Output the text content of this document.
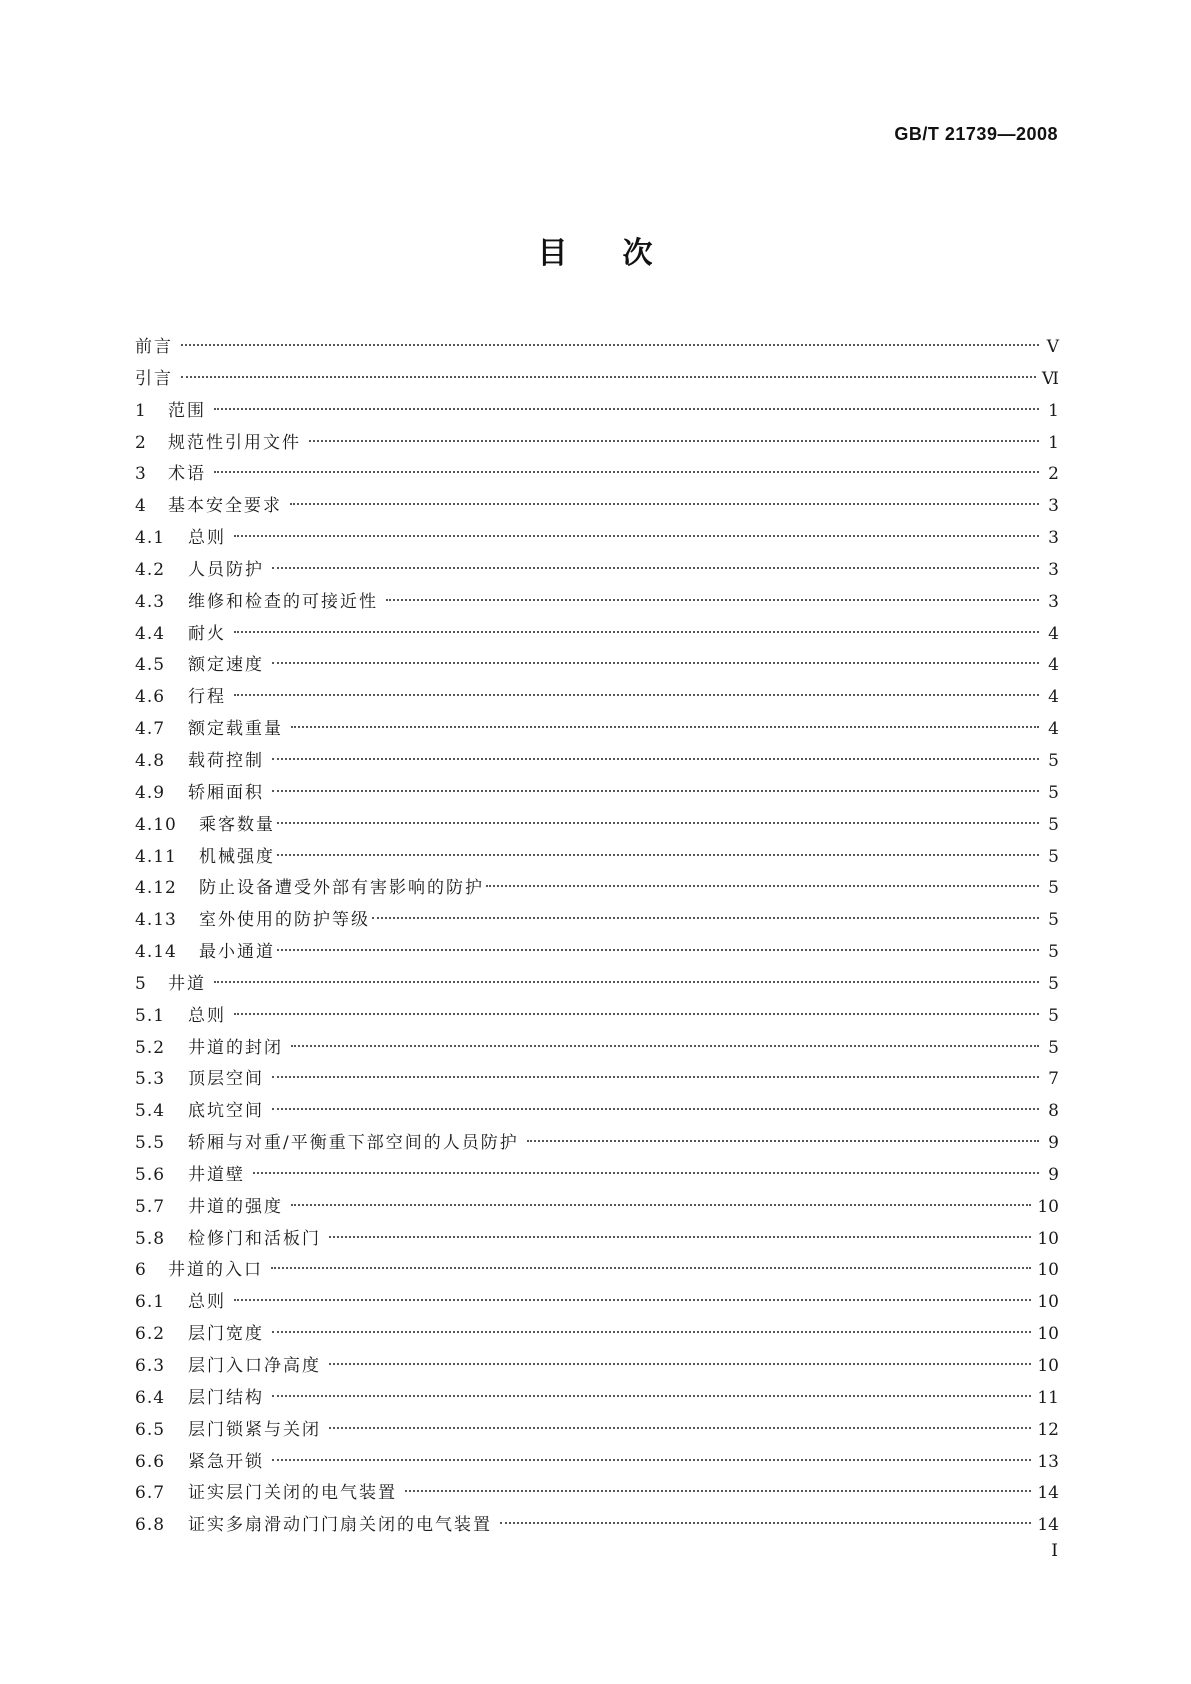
GB/T 21739—2008
目 次
前言	Ⅴ
引言	Ⅵ
1	范围	1
2	规范性引用文件	1
3	术语	2
4	基本安全要求	3
4.1	总则	3
4.2	人员防护	3
4.3	维修和检查的可接近性	3
4.4	耐火	4
4.5	额定速度	4
4.6	行程	4
4.7	额定载重量	4
4.8	载荷控制	5
4.9	轿厢面积	5
4.10	乘客数量	5
4.11	机械强度	5
4.12	防止设备遭受外部有害影响的防护	5
4.13	室外使用的防护等级	5
4.14	最小通道	5
5	井道	5
5.1	总则	5
5.2	井道的封闭	5
5.3	顶层空间	7
5.4	底坑空间	8
5.5	轿厢与对重/平衡重下部空间的人员防护	9
5.6	井道壁	9
5.7	井道的强度	10
5.8	检修门和活板门	10
6	井道的入口	10
6.1	总则	10
6.2	层门宽度	10
6.3	层门入口净高度	10
6.4	层门结构	11
6.5	层门锁紧与关闭	12
6.6	紧急开锁	13
6.7	证实层门关闭的电气装置	14
6.8	证实多扇滑动门门扇关闭的电气装置	14
I
